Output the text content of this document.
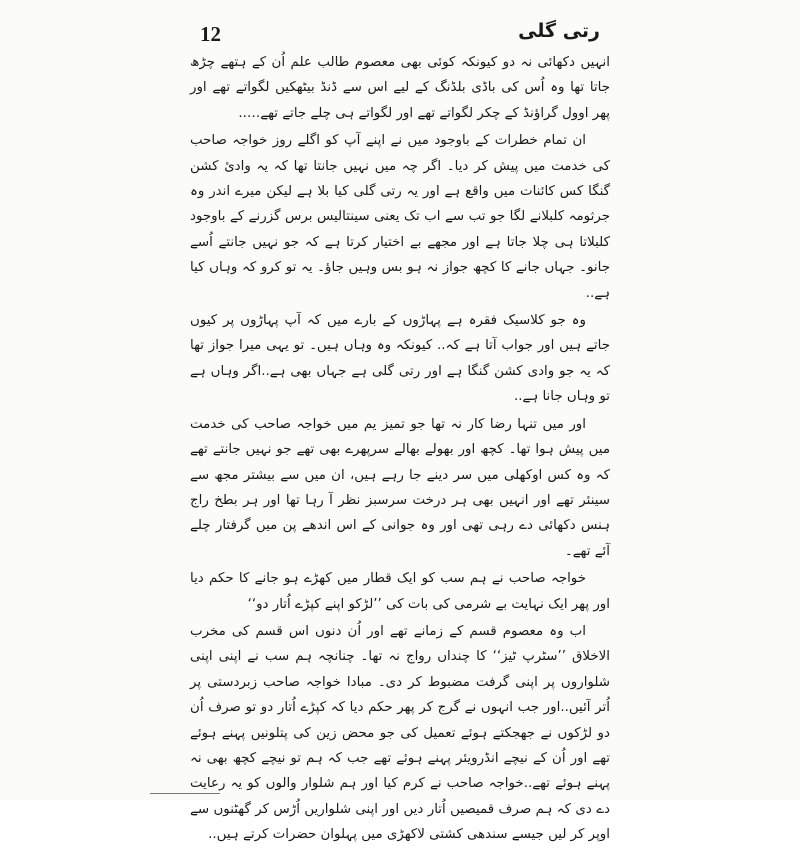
12	رتی گلی

انہیں دکھائی نہ دو کیونکہ کوئی بھی معصوم طالب علم اُن کے ہتھے چڑھ جاتا تھا وہ اُس کی باڈی بلڈنگ کے لیے اس سے ڈنڈ بیٹھکیں لگواتے تھے اور پھر اوول گراؤنڈ کے چکر لگواتے تھے اور لگواتے ہی چلے جاتے تھے…..

ان تمام خطرات کے باوجود میں نے اپنے آپ کو اگلے روز خواجہ صاحب کی خدمت میں پیش کر دیا۔ اگر چہ میں نہیں جانتا تھا کہ یہ وادیٔ کشن گنگا کس کائنات میں واقع ہے اور یہ رتی گلی کیا بلا ہے لیکن میرے اندر وہ جرثومہ کلبلانے لگا جو تب سے اب تک یعنی سینتالیس برس گزرنے کے باوجود کلبلاتا ہی چلا جاتا ہے اور مجھے بے اختیار کرتا ہے کہ جو نہیں جانتے اُسے جانو۔ جہاں جانے کا کچھ جواز نہ ہو بس وہیں جاؤ۔ یہ تو کرو کہ وہاں کیا ہے..

وہ جو کلاسیک فقرہ ہے پہاڑوں کے بارے میں کہ آپ پہاڑوں پر کیوں جاتے ہیں اور جواب آتا ہے کہ.. کیونکہ وہ وہاں ہیں۔ تو یہی میرا جواز تھا کہ یہ جو وادی کشن گنگا ہے اور رتی گلی ہے جہاں بھی ہے..اگر وہاں ہے تو وہاں جانا ہے..

اور میں تنہا رضا کار نہ تھا جو تمیز یم میں خواجہ صاحب کی خدمت میں پیش ہوا تھا۔ کچھ اور بھولے بھالے سرپھرے بھی تھے جو نہیں جانتے تھے کہ وہ کس اوکھلی میں سر دینے جا رہے ہیں، ان میں سے بیشتر مجھ سے سینئر تھے اور انہیں بھی ہر درخت سرسبز نظر آ رہا تھا اور ہر بطخ راج ہنس دکھائی دے رہی تھی اور وہ جوانی کے اس اندھے پن میں گرفتار چلے آئے تھے۔

خواجہ صاحب نے ہم سب کو ایک قطار میں کھڑے ہو جانے کا حکم دیا اور پھر ایک نہایت بے شرمی کی بات کی ’’لڑکو اپنے کپڑے اُتار دو‘‘

اب وہ معصوم قسم کے زمانے تھے اور اُن دنوں اس قسم کی مخرب الاخلاق ’’سٹرپ ٹیز‘‘ کا چنداں رواج نہ تھا۔ چنانچہ ہم سب نے اپنی اپنی شلواروں پر اپنی گرفت مضبوط کر دی۔ مبادا خواجہ صاحب زبردستی پر اُتر آئیں..اور جب انہوں نے گرج کر پھر حکم دیا کہ کپڑے اُتار دو تو صرف اُن دو لڑکوں نے جھجکتے ہوئے تعمیل کی جو محض زین کی پتلونیں پہنے ہوئے تھے اور اُن کے نیچے انڈرویئر پہنے ہوئے تھے جب کہ ہم تو نیچے کچھ بھی نہ پہنے ہوئے تھے..خواجہ صاحب نے کرم کیا اور ہم شلوار والوں کو یہ رعایت دے دی کہ ہم صرف قمیصیں اُتار دیں اور اپنی شلواریں اُڑس کر گھٹنوں سے اوپر کر لیں جیسے سندھی کشتی لاکھڑی میں پہلوان حضرات کرتے ہیں..
